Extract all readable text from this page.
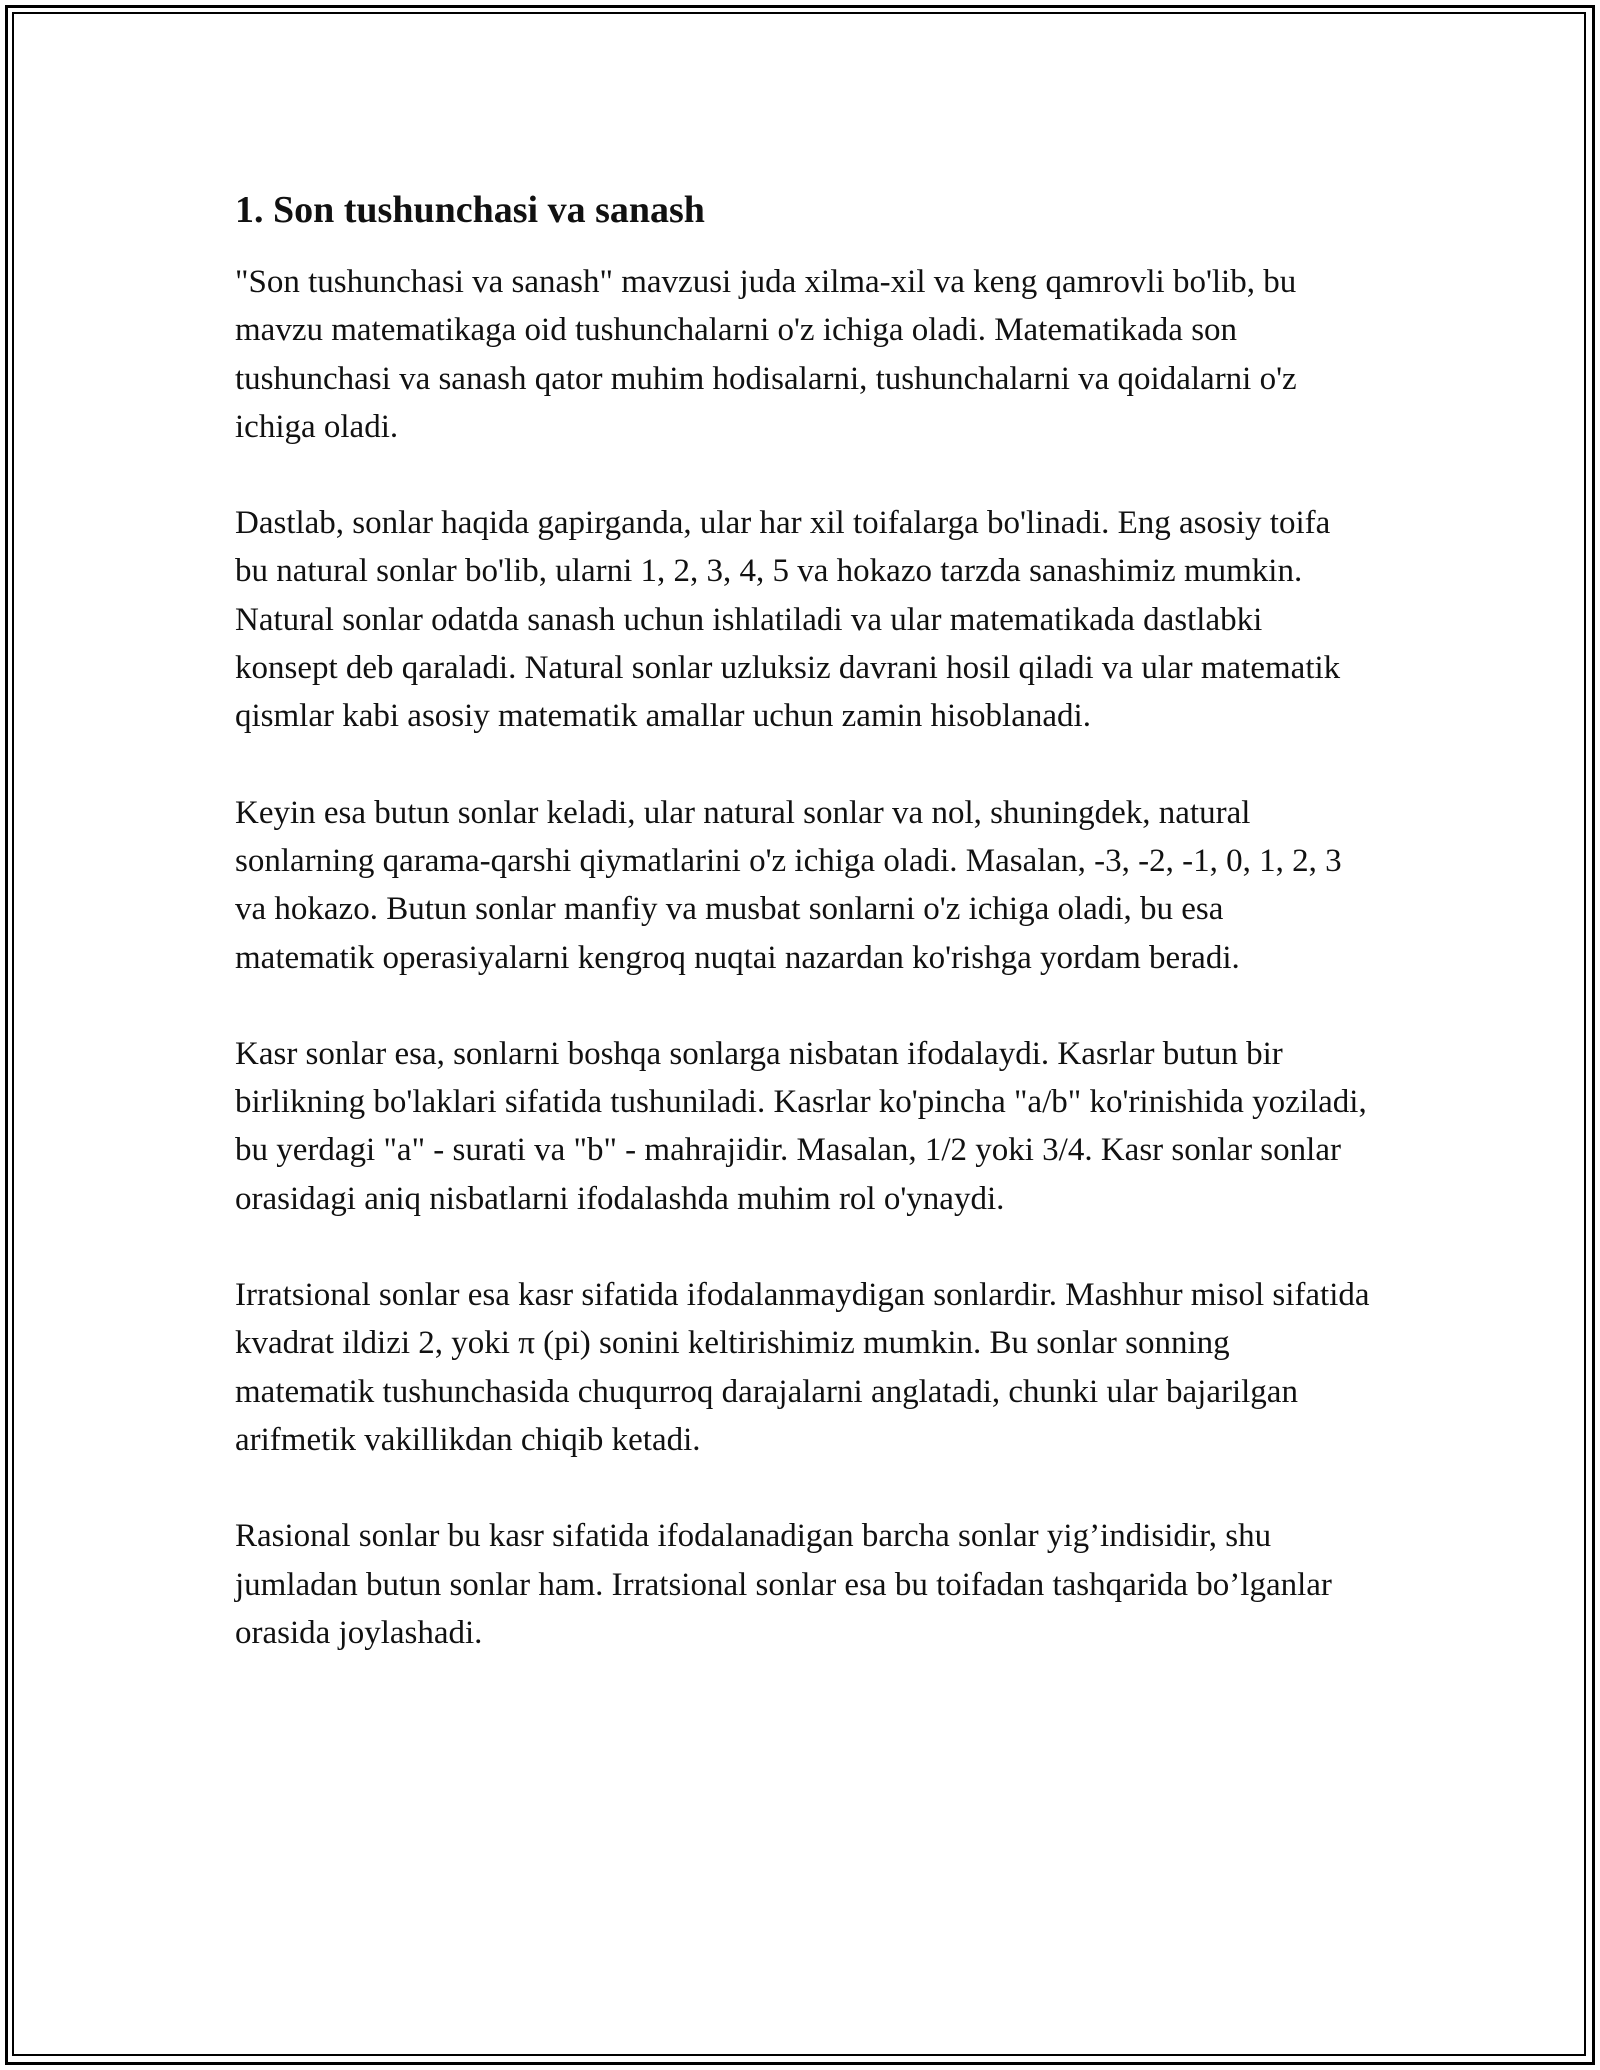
1. Son tushunchasi va sanash

"Son tushunchasi va sanash" mavzusi juda xilma-xil va keng qamrovli bo'lib, bu mavzu matematikaga oid tushunchalarni o'z ichiga oladi. Matematikada son tushunchasi va sanash qator muhim hodisalarni, tushunchalarni va qoidalarni o'z ichiga oladi.

Dastlab, sonlar haqida gapirganda, ular har xil toifalarga bo'linadi. Eng asosiy toifa bu natural sonlar bo'lib, ularni 1, 2, 3, 4, 5 va hokazo tarzda sanashimiz mumkin. Natural sonlar odatda sanash uchun ishlatiladi va ular matematikada dastlabki konsept deb qaraladi. Natural sonlar uzluksiz davrani hosil qiladi va ular matematik qismlar kabi asosiy matematik amallar uchun zamin hisoblanadi.

Keyin esa butun sonlar keladi, ular natural sonlar va nol, shuningdek, natural sonlarning qarama-qarshi qiymatlarini o'z ichiga oladi. Masalan, -3, -2, -1, 0, 1, 2, 3 va hokazo. Butun sonlar manfiy va musbat sonlarni o'z ichiga oladi, bu esa matematik operasiyalarni kengroq nuqtai nazardan ko'rishga yordam beradi.

Kasr sonlar esa, sonlarni boshqa sonlarga nisbatan ifodalaydi. Kasrlar butun bir birlikning bo'laklari sifatida tushuniladi. Kasrlar ko'pincha "a/b" ko'rinishida yoziladi, bu yerdagi "a" - surati va "b" - mahrajidir. Masalan, 1/2 yoki 3/4. Kasr sonlar sonlar orasidagi aniq nisbatlarni ifodalashda muhim rol o'ynaydi.

Irratsional sonlar esa kasr sifatida ifodalanmaydigan sonlardir. Mashhur misol sifatida kvadrat ildizi 2, yoki π (pi) sonini keltirishimiz mumkin. Bu sonlar sonning matematik tushunchasida chuqurroq darajalarni anglatadi, chunki ular bajarilgan arifmetik vakillikdan chiqib ketadi.

Rasional sonlar bu kasr sifatida ifodalanadigan barcha sonlar yig’indisidir, shu jumladan butun sonlar ham. Irratsional sonlar esa bu toifadan tashqarida bo’lganlar orasida joylashadi.
